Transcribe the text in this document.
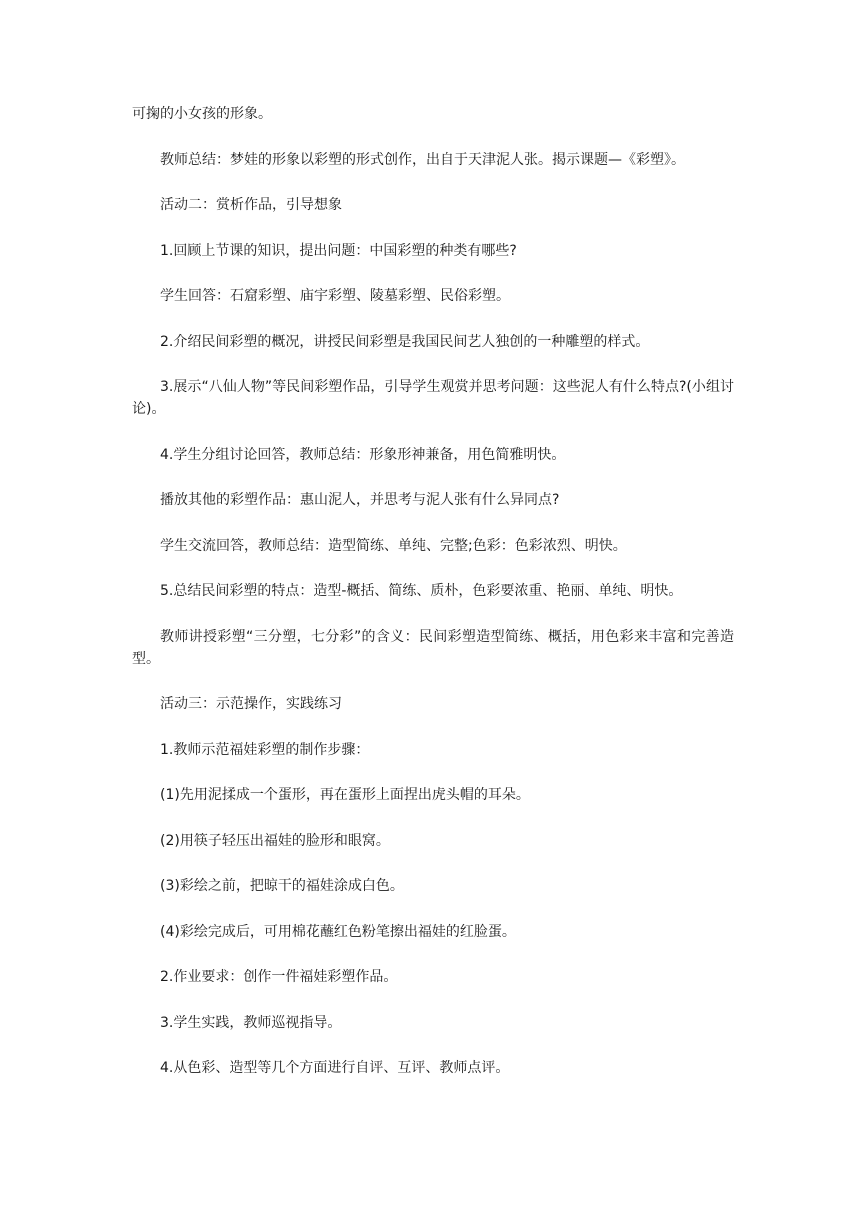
可掬的小女孩的形象。

教师总结：梦娃的形象以彩塑的形式创作，出自于天津泥人张。揭示课题—《彩塑》。

活动二：赏析作品，引导想象

1.回顾上节课的知识，提出问题：中国彩塑的种类有哪些?

学生回答：石窟彩塑、庙宇彩塑、陵墓彩塑、民俗彩塑。

2.介绍民间彩塑的概况，讲授民间彩塑是我国民间艺人独创的一种雕塑的样式。

3.展示“八仙人物”等民间彩塑作品，引导学生观赏并思考问题：这些泥人有什么特点?(小组讨论)。

4.学生分组讨论回答，教师总结：形象形神兼备，用色简雅明快。

播放其他的彩塑作品：惠山泥人，并思考与泥人张有什么异同点?

学生交流回答，教师总结：造型简练、单纯、完整;色彩：色彩浓烈、明快。

5.总结民间彩塑的特点：造型-概括、简练、质朴，色彩要浓重、艳丽、单纯、明快。

教师讲授彩塑“三分塑，七分彩”的含义：民间彩塑造型简练、概括，用色彩来丰富和完善造型。

活动三：示范操作，实践练习

1.教师示范福娃彩塑的制作步骤：

(1)先用泥揉成一个蛋形，再在蛋形上面捏出虎头帽的耳朵。

(2)用筷子轻压出福娃的脸形和眼窝。

(3)彩绘之前，把晾干的福娃涂成白色。

(4)彩绘完成后，可用棉花蘸红色粉笔擦出福娃的红脸蛋。

2.作业要求：创作一件福娃彩塑作品。

3.学生实践，教师巡视指导。

4.从色彩、造型等几个方面进行自评、互评、教师点评。
